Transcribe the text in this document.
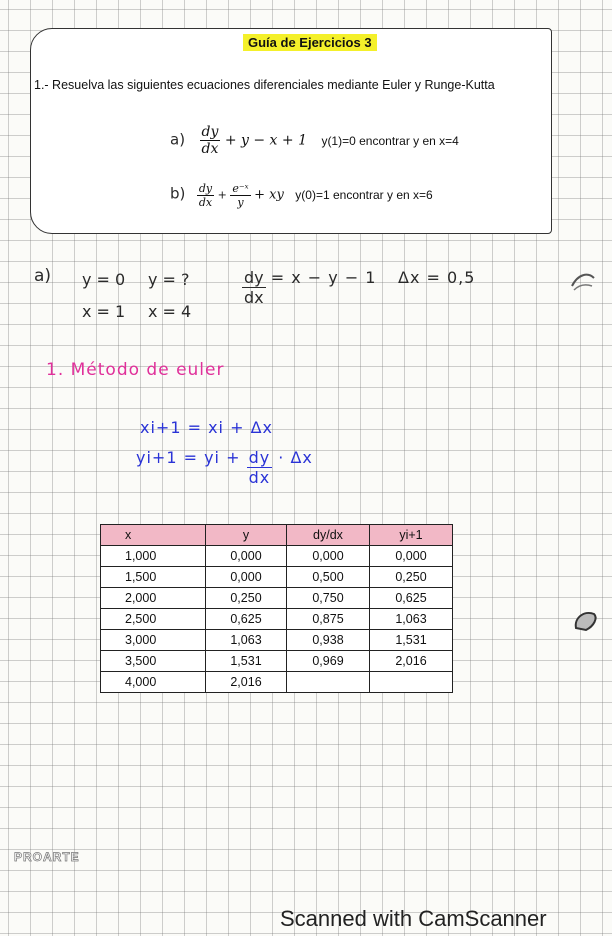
Guía de Ejercicios 3
1.- Resuelva las siguientes ecuaciones diferenciales mediante Euler y Runge-Kutta
$a) \frac{dy}{dx} + y - x + 1$ y(1)=0 encontrar y en x=4
$b) \frac{dy}{dx} + \frac{\text{e⁻ˣ}}{y}$ + xy y(0)=1 encontrar y en x=6
a) y = 0 y = ?
x = 1 x = 4
$\frac{dy}{dx} = x - y - 1$ Δx = 0,5
1. Método de euler
xi+1 = xi + Δx
yi+1 = yi + $\frac{dy}{dx} \cdot \Delta x$
x	y	dy/dx	yi+1
1,000	0,000	0,000	0,000
1,500	0,000	0,500	0,250
2,000	0,250	0,750	0,625
2,500	0,625	0,875	1,063
3,000	1,063	0,938	1,531
3,500	1,531	0,969	2,016
4,000	2,016		
PROARTE
Scanned with CamScanner
